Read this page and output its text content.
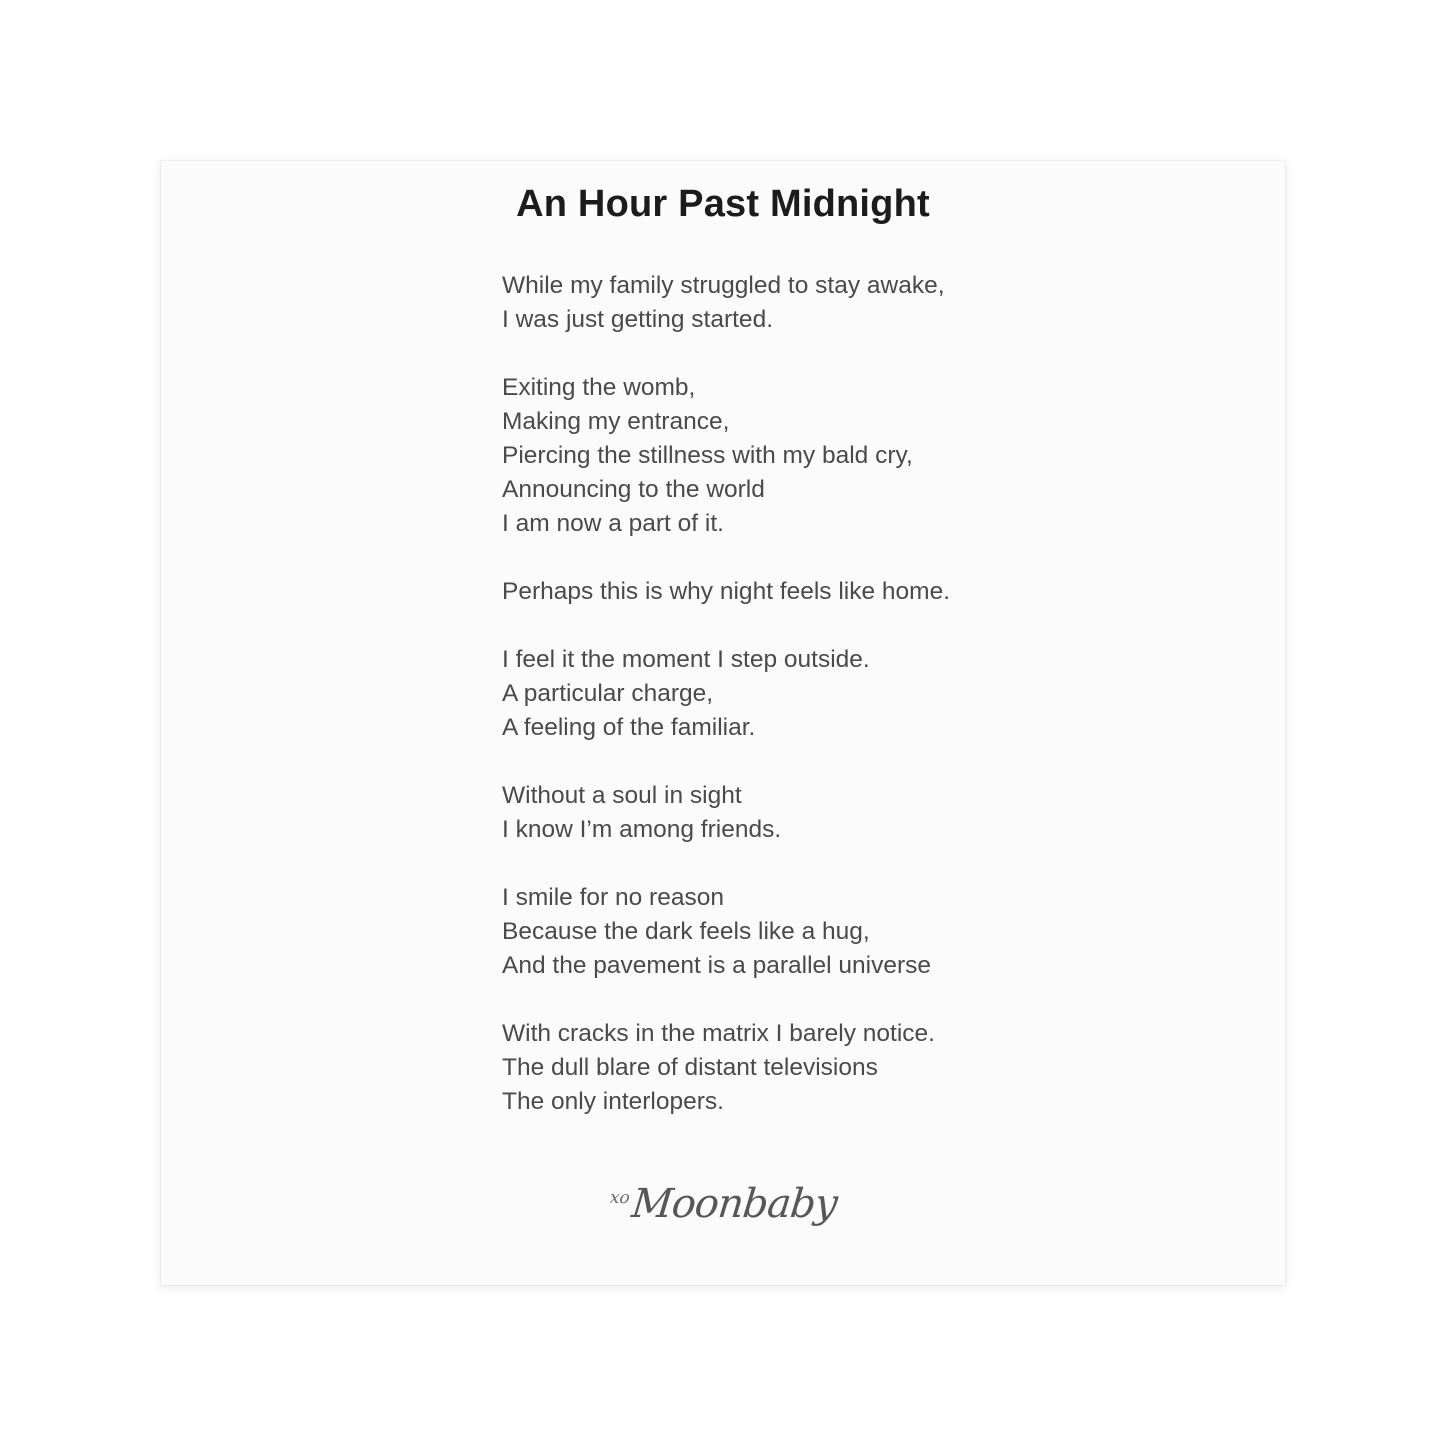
An Hour Past Midnight
While my family struggled to stay awake,
I was just getting started.
Exiting the womb,
Making my entrance,
Piercing the stillness with my bald cry,
Announcing to the world
I am now a part of it.
Perhaps this is why night feels like home.
I feel it the moment I step outside.
A particular charge,
A feeling of the familiar.
Without a soul in sight
I know I’m among friends.
I smile for no reason
Because the dark feels like a hug,
And the pavement is a parallel universe
With cracks in the matrix I barely notice.
The dull blare of distant televisions
The only interlopers.
xoMoonbaby
